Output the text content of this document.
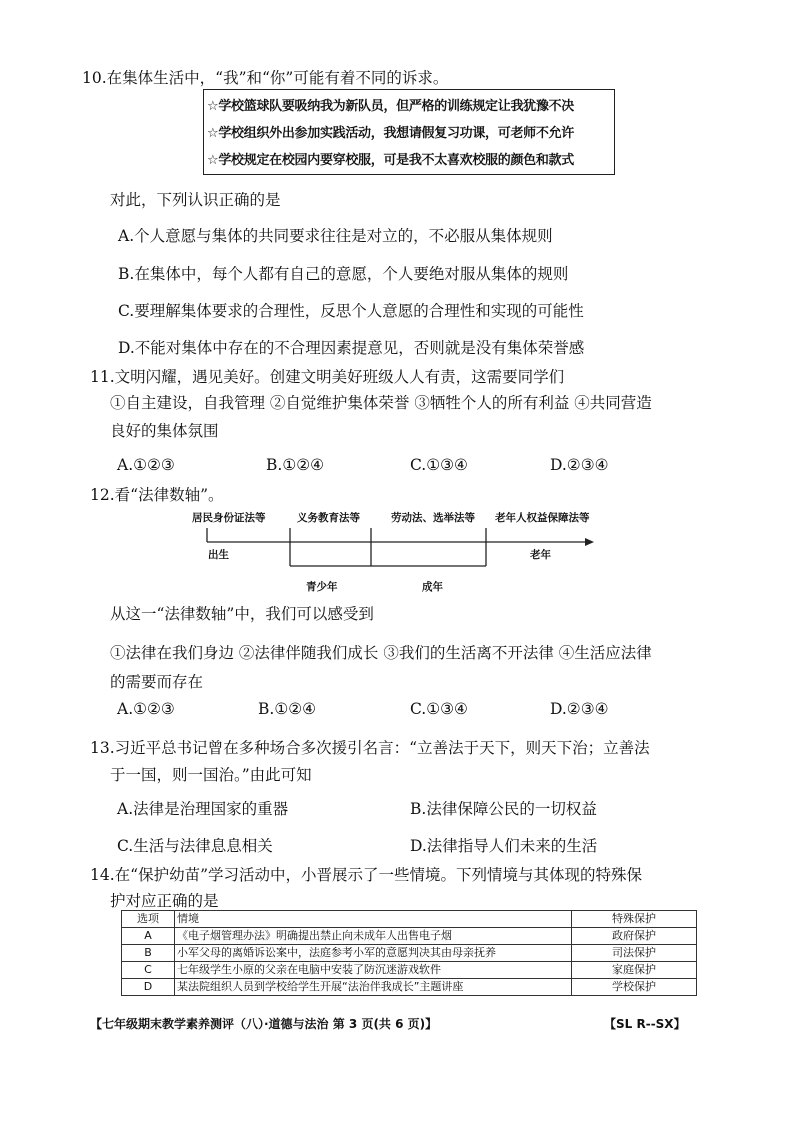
10.在集体生活中，“我”和“你”可能有着不同的诉求。
☆学校篮球队要吸纳我为新队员，但严格的训练规定让我犹豫不决
☆学校组织外出参加实践活动，我想请假复习功课，可老师不允许
☆学校规定在校园内要穿校服，可是我不太喜欢校服的颜色和款式
对此，下列认识正确的是
A.个人意愿与集体的共同要求往往是对立的，不必服从集体规则
B.在集体中，每个人都有自己的意愿，个人要绝对服从集体的规则
C.要理解集体要求的合理性，反思个人意愿的合理性和实现的可能性
D.不能对集体中存在的不合理因素提意见，否则就是没有集体荣誉感
11.文明闪耀，遇见美好。创建文明美好班级人人有责，这需要同学们
①自主建设，自我管理 ②自觉维护集体荣誉 ③牺牲个人的所有利益 ④共同营造
良好的集体氛围
A.①②③	B.①②④	C.①③④	D.②③④
12.看“法律数轴”。
居民身份证法等	义务教育法等	劳动法、选举法等 老年人权益保障法等
出生	老年
青少年	成年
从这一“法律数轴”中，我们可以感受到
①法律在我们身边 ②法律伴随我们成长 ③我们的生活离不开法律 ④生活应法律
的需要而存在
A.①②③	B.①②④	C.①③④	D.②③④
13.习近平总书记曾在多种场合多次援引名言：“立善法于天下，则天下治；立善法
于一国，则一国治。”由此可知
A.法律是治理国家的重器	B.法律保障公民的一切权益
C.生活与法律息息相关	D.法律指导人们未来的生活
14.在“保护幼苗”学习活动中，小晋展示了一些情境。下列情境与其体现的特殊保
护对应正确的是
选项	情境	特殊保护
A	《电子烟管理办法》明确提出禁止向未成年人出售电子烟	政府保护
B	小军父母的离婚诉讼案中，法庭参考小军的意愿判决其由母亲抚养	司法保护
C	七年级学生小原的父亲在电脑中安装了防沉迷游戏软件	家庭保护
D	某法院组织人员到学校给学生开展“法治伴我成长”主题讲座	学校保护
【七年级期末教学素养测评（八）·道德与法治 第 3 页(共 6 页)】	【SL R--SX】
